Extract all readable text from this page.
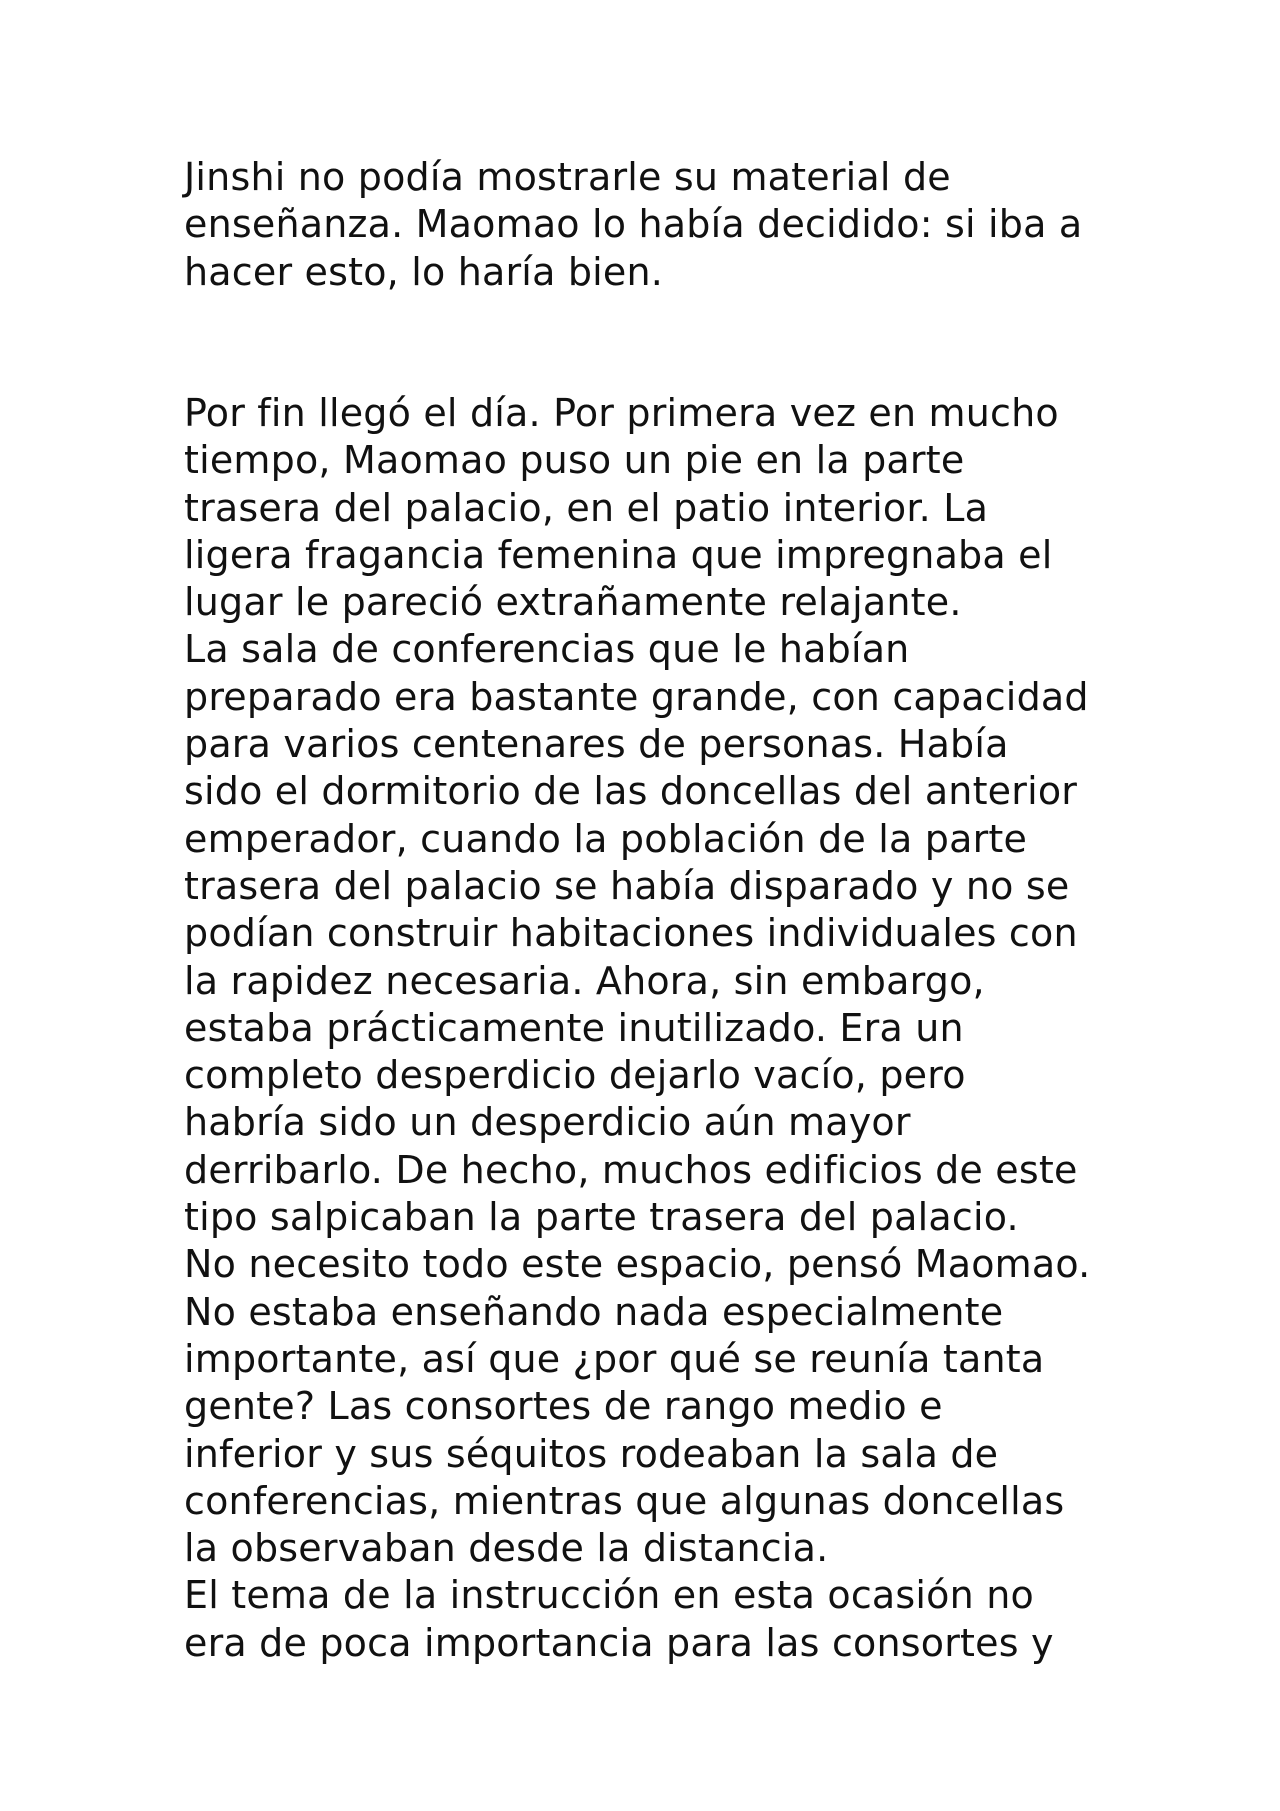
Jinshi no podía mostrarle su material de
enseñanza. Maomao lo había decidido: si iba a
hacer esto, lo haría bien.
Por fin llegó el día. Por primera vez en mucho
tiempo, Maomao puso un pie en la parte
trasera del palacio, en el patio interior. La
ligera fragancia femenina que impregnaba el
lugar le pareció extrañamente relajante.
La sala de conferencias que le habían
preparado era bastante grande, con capacidad
para varios centenares de personas. Había
sido el dormitorio de las doncellas del anterior
emperador, cuando la población de la parte
trasera del palacio se había disparado y no se
podían construir habitaciones individuales con
la rapidez necesaria. Ahora, sin embargo,
estaba prácticamente inutilizado. Era un
completo desperdicio dejarlo vacío, pero
habría sido un desperdicio aún mayor
derribarlo. De hecho, muchos edificios de este
tipo salpicaban la parte trasera del palacio.
No necesito todo este espacio, pensó Maomao.
No estaba enseñando nada especialmente
importante, así que ¿por qué se reunía tanta
gente? Las consortes de rango medio e
inferior y sus séquitos rodeaban la sala de
conferencias, mientras que algunas doncellas
la observaban desde la distancia.
El tema de la instrucción en esta ocasión no
era de poca importancia para las consortes y
